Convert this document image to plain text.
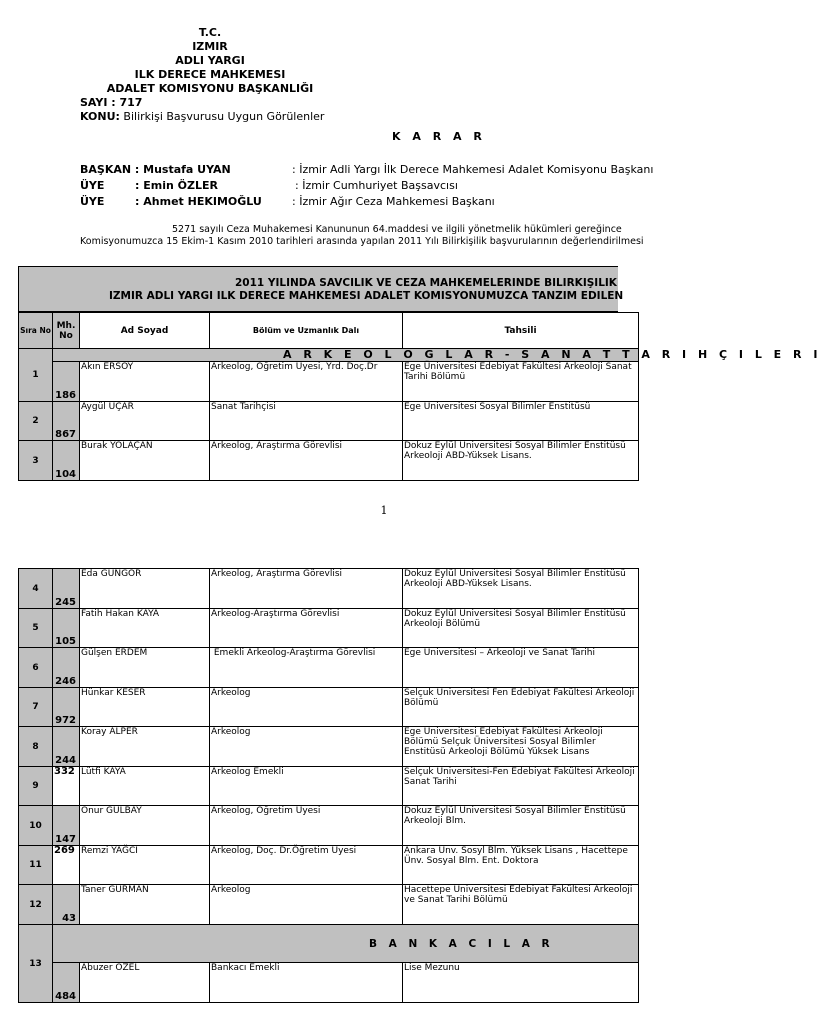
T.C.
IZMIR
ADLI YARGI
ILK DERECE MAHKEMESI
ADALET KOMISYONU BAŞKANLIĞI
SAYI : 717
KONU: Bilirkişi Başvurusu Uygun Görülenler
K A R A R
BAŞKAN : Mustafa UYAN	: İzmir Adli Yargı İlk Derece Mahkemesi Adalet Komisyonu Başkanı
ÜYE        : Emin ÖZLER	: İzmir Cumhuriyet Başsavcısı
ÜYE        : Ahmet HEKIMOĞLU	: İzmir Ağır Ceza Mahkemesi Başkanı
5271 sayılı Ceza Muhakemesi Kanununun 64.maddesi ve ilgili yönetmelik hükümleri gereğince
Komisyonumuzca 15 Ekim-1 Kasım 2010 tarihleri arasında yapılan 2011 Yılı Bilirkişilik başvurularının değerlendirilmesi
2011 YILINDA SAVCILIK VE CEZA MAHKEMELERINDE BILIRKIŞILIK
IZMIR ADLI YARGI ILK DERECE MAHKEMESI ADALET KOMISYONUMUZCA TANZIM EDILEN
Sıra No	Mh. No	Ad Soyad	Bölüm ve Uzmanlık Dalı	Tahsili
1	A R K E O L O G L A R - S A N A T T A R I H Ç I L E R I			
	186	Akın ERSOY	Arkeolog, Oğretim Uyesi, Yrd. Doç.Dr	Ege Üniversitesi Edebiyat Fakültesi Arkeoloji Sanat Tarihi Bölümü
2	867	Aygül UÇAR	Sanat Tarihçisi	Ege Universitesi Sosyal Bilimler Enstitüsü
3	104	Burak YOLAÇAN	Arkeolog, Araştırma Görevlisi	Dokuz Eylül Universitesi Sosyal Bilimler Enstitüsü Arkeoloji ABD-Yüksek Lisans.
1
4	245	Eda GUNGOR	Arkeolog, Araştırma Görevlisi	Dokuz Eylül Universitesi Sosyal Bilimler Enstitüsü Arkeoloji ABD-Yüksek Lisans.
5	105	Fatih Hakan KAYA	Arkeolog-Araştırma Görevlisi	Dokuz Eylül Universitesi Sosyal Bilimler Enstitüsü Arkeoloji Bölümü
6	246	Gülşen ERDEM	Emekli Arkeolog-Araştırma Görevlisi	Ege Universitesi – Arkeoloji ve Sanat Tarihi
7	972	Hünkar KESER	Arkeolog	Selçuk Universitesi Fen Edebiyat Fakültesi Arkeoloji Bölümü
8	244	Koray ALPER	Arkeolog	Ege Universitesi Edebiyat Fakültesi Arkeoloji Bölümü Selçuk Üniversitesi Sosyal Bilimler Enstitüsü Arkeoloji Bölümü Yüksek Lisans
9	332	Lütfi KAYA	Arkeolog Emekli	Selçuk Universitesi-Fen Edebiyat Fakültesi Arkeoloji Sanat Tarihi
10	147	Onur GULBAY	Arkeolog, Oğretim Uyesi	Dokuz Eylül Universitesi Sosyal Bilimler Enstitüsü Arkeoloji Blm.
11	269	Remzi YAĞCI	Arkeolog, Doç. Dr.Öğretim Uyesi	Ankara Unv. Sosyl Blm. Yüksek Lisans , Hacettepe Ünv. Sosyal Blm. Ent. Doktora
12	43	Taner GURMAN	Arkeolog	Hacettepe Universitesi Edebiyat Fakültesi Arkeoloji ve Sanat Tarihi Bölümü
13	B A N K A C I L A R			
	484	Abuzer OZEL	Bankacı Emekli	Lise Mezunu
